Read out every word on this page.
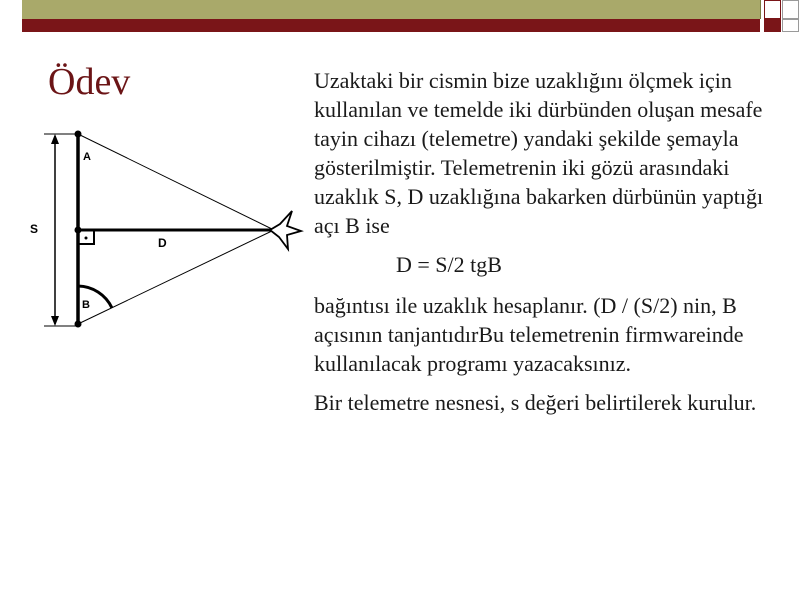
Ödev
S
A
D
B

Uzaktaki bir cismin bize uzaklığını ölçmek için kullanılan ve temelde iki dürbünden oluşan mesafe tayin cihazı (telemetre) yandaki şekilde şemayla gösterilmiştir. Telemetrenin iki gözü arasındaki uzaklık S, D uzaklığına bakarken dürbünün yaptığı açı B ise

D = S/2 tgB

bağıntısı ile uzaklık hesaplanır. (D / (S/2) nin, B açısının tanjantıdırBu telemetrenin firmwareinde kullanılacak programı yazacaksınız.

Bir telemetre nesnesi, s değeri belirtilerek kurulur.
